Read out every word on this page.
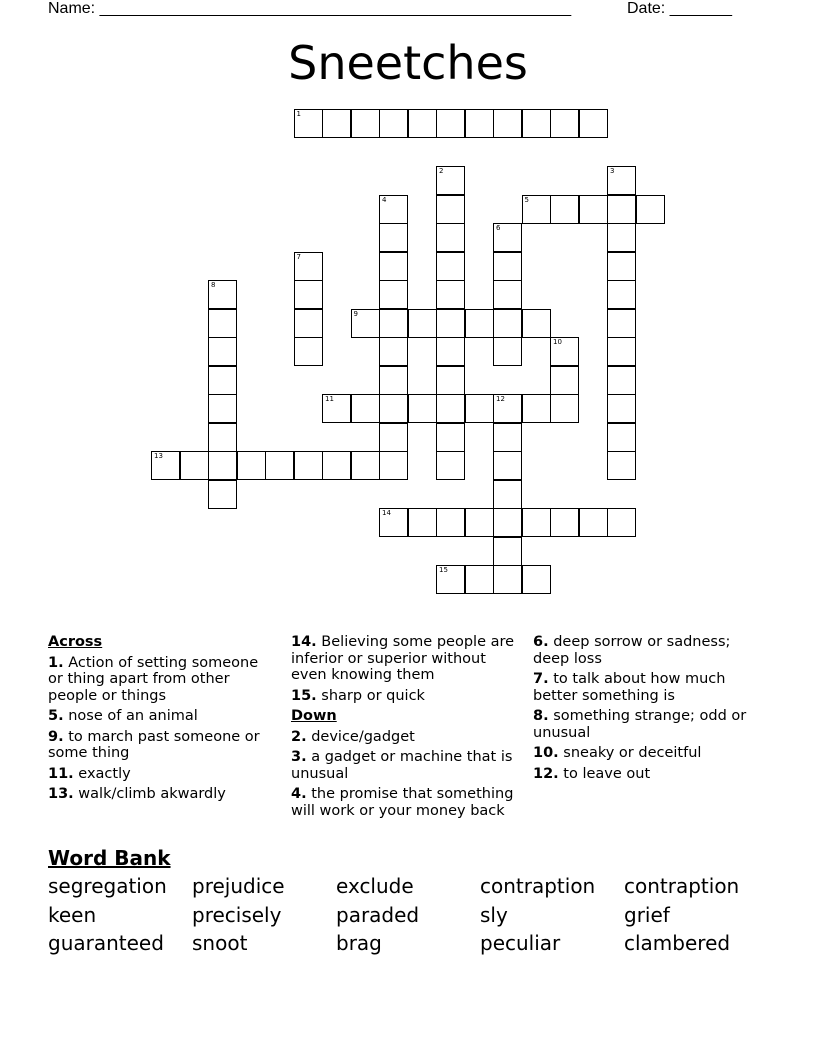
Name: _____________________________________________________	Date: _______
Sneetches
1
2	3
4	5
6
7
8
9
10
11	12
13
14
15
Across
1. Action of setting someone or thing apart from other people or things
5. nose of an animal
9. to march past someone or some thing
11. exactly
13. walk/climb akwardly
14. Believing some people are inferior or superior without even knowing them
15. sharp or quick
Down
2. device/gadget
3. a gadget or machine that is unusual
4. the promise that something will work or your money back
6. deep sorrow or sadness; deep loss
7. to talk about how much better something is
8. something strange; odd or unusual
10. sneaky or deceitful
12. to leave out
Word Bank
segregation	prejudice	exclude	contraption	contraption
keen	precisely	paraded	sly	grief
guaranteed	snoot	brag	peculiar	clambered
